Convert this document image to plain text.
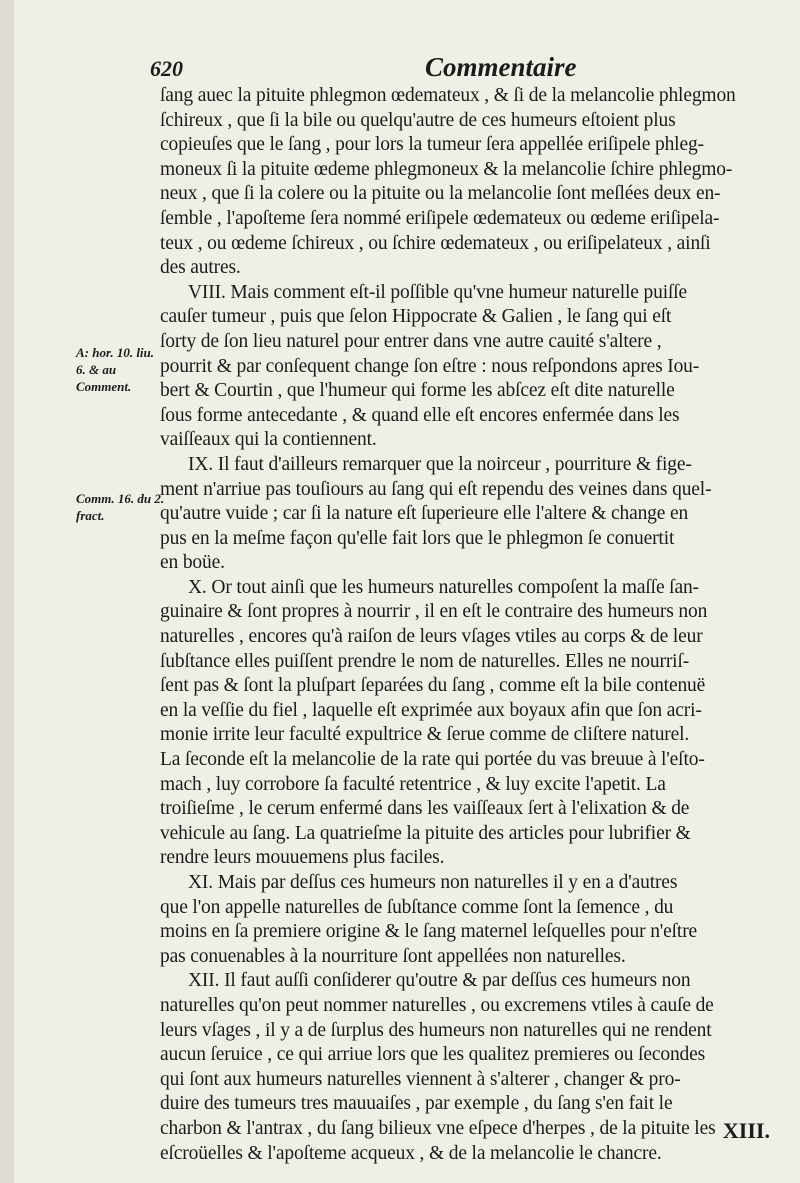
620	Commentaire
A: hor. 10. liu. 6. & au Comment.
Comm. 16. du 2. fract.
ſang auec la pituite phlegmon œdemateux , & ſi de la melancolie phlegmon
ſchireux , que ſi la bile ou quelqu'autre de ces humeurs eſtoient plus
copieuſes que le ſang , pour lors la tumeur ſera appellée eriſipele phleg-
moneux ſi la pituite œdeme phlegmoneux & la melancolie ſchire phlegmo-
neux , que ſi la colere ou la pituite ou la melancolie ſont meſlées deux en-
ſemble , l'apoſteme ſera nommé eriſipele œdemateux ou œdeme eriſipela-
teux , ou œdeme ſchireux , ou ſchire œdemateux , ou eriſipelateux , ainſi
des autres.
VIII. Mais comment eſt-il poſſible qu'vne humeur naturelle puiſſe
cauſer tumeur , puis que ſelon Hippocrate & Galien , le ſang qui eſt
ſorty de ſon lieu naturel pour entrer dans vne autre cauité s'altere ,
pourrit & par conſequent change ſon eſtre : nous reſpondons apres Iou-
bert & Courtin , que l'humeur qui forme les abſcez eſt dite naturelle
ſous forme antecedante , & quand elle eſt encores enfermée dans les
vaiſſeaux qui la contiennent.
IX. Il faut d'ailleurs remarquer que la noirceur , pourriture & fige-
ment n'arriue pas touſiours au ſang qui eſt rependu des veines dans quel-
qu'autre vuide ; car ſi la nature eſt ſuperieure elle l'altere & change en
pus en la meſme façon qu'elle fait lors que le phlegmon ſe conuertit
en boüe.
X. Or tout ainſi que les humeurs naturelles compoſent la maſſe ſan-
guinaire & ſont propres à nourrir , il en eſt le contraire des humeurs non
naturelles , encores qu'à raiſon de leurs vſages vtiles au corps & de leur
ſubſtance elles puiſſent prendre le nom de naturelles. Elles ne nourriſ-
ſent pas & ſont la pluſpart ſeparées du ſang , comme eſt la bile contenuë
en la veſſie du fiel , laquelle eſt exprimée aux boyaux afin que ſon acri-
monie irrite leur faculté expultrice & ſerue comme de cliſtere naturel.
La ſeconde eſt la melancolie de la rate qui portée du vas breuue à l'eſto-
mach , luy corrobore ſa faculté retentrice , & luy excite l'apetit. La
troiſieſme , le cerum enfermé dans les vaiſſeaux ſert à l'elixation & de
vehicule au ſang. La quatrieſme la pituite des articles pour lubrifier &
rendre leurs mouuemens plus faciles.
XI. Mais par deſſus ces humeurs non naturelles il y en a d'autres
que l'on appelle naturelles de ſubſtance comme ſont la ſemence , du
moins en ſa premiere origine & le ſang maternel leſquelles pour n'eſtre
pas conuenables à la nourriture ſont appellées non naturelles.
XII. Il faut auſſi conſiderer qu'outre & par deſſus ces humeurs non
naturelles qu'on peut nommer naturelles , ou excremens vtiles à cauſe de
leurs vſages , il y a de ſurplus des humeurs non naturelles qui ne rendent
aucun ſeruice , ce qui arriue lors que les qualitez premieres ou ſecondes
qui ſont aux humeurs naturelles viennent à s'alterer , changer & pro-
duire des tumeurs tres mauuaiſes , par exemple , du ſang s'en fait le
charbon & l'antrax , du ſang bilieux vne eſpece d'herpes , de la pituite les
eſcroüelles & l'apoſteme acqueux , & de la melancolie le chancre.
XIII.
